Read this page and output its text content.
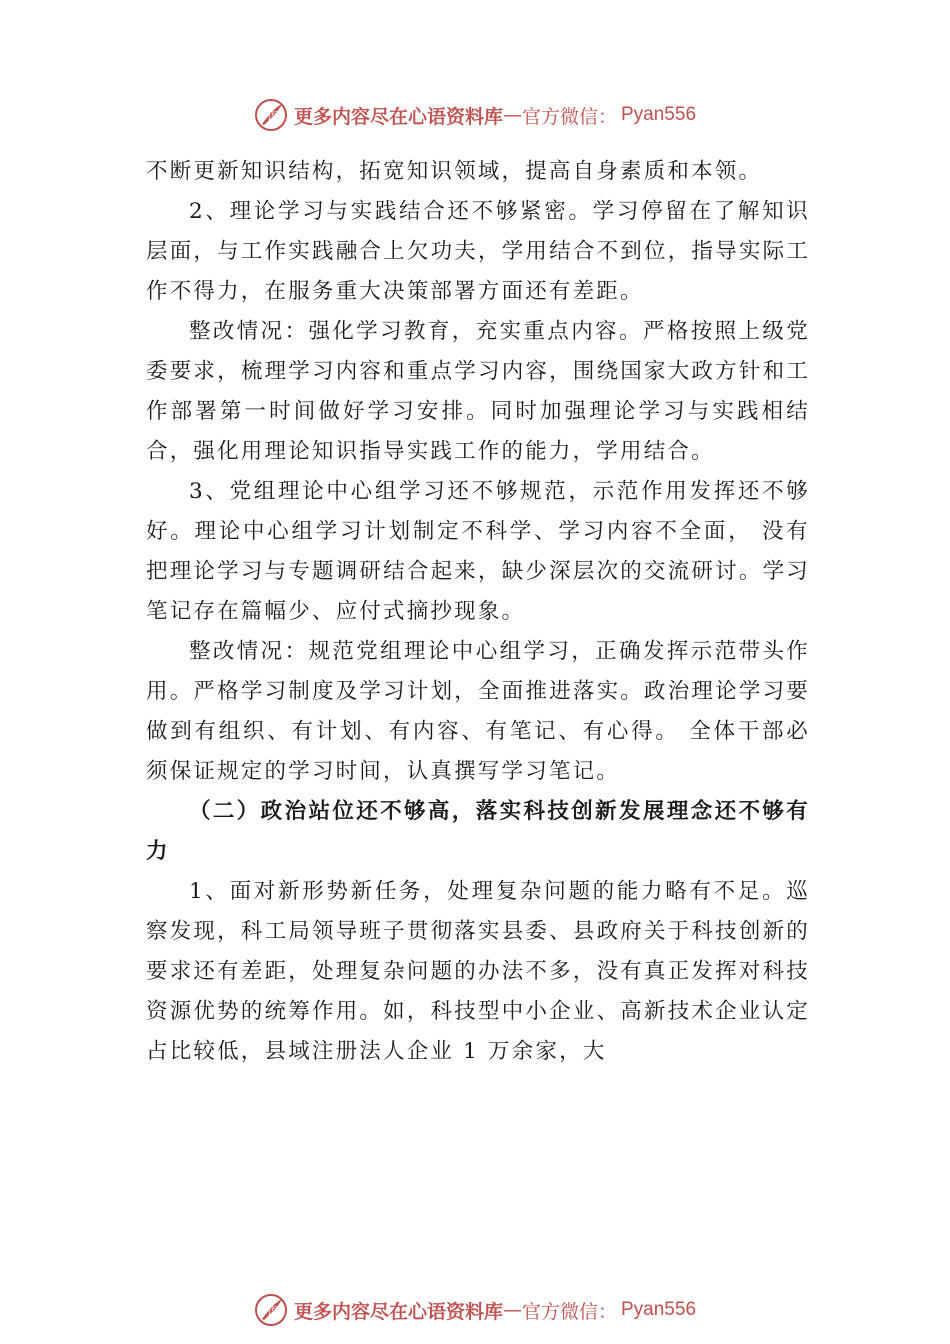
语 更多内容尽在心语资料库 — 官方微信： Pyan556

不断更新知识结构，拓宽知识领域，提高自身素质和本领。

2、理论学习与实践结合还不够紧密。学习停留在了解知识层面，与工作实践融合上欠功夫，学用结合不到位，指导实际工作不得力，在服务重大决策部署方面还有差距。

整改情况：强化学习教育，充实重点内容。严格按照上级党委要求，梳理学习内容和重点学习内容，围绕国家大政方针和工作部署第一时间做好学习安排。同时加强理论学习与实践相结合，强化用理论知识指导实践工作的能力，学用结合。

3、党组理论中心组学习还不够规范，示范作用发挥还不够好。理论中心组学习计划制定不科学、学习内容不全面， 没有把理论学习与专题调研结合起来，缺少深层次的交流研讨。学习笔记存在篇幅少、应付式摘抄现象。

整改情况：规范党组理论中心组学习，正确发挥示范带头作用。严格学习制度及学习计划，全面推进落实。政治理论学习要做到有组织、有计划、有内容、有笔记、有心得。 全体干部必须保证规定的学习时间，认真撰写学习笔记。

（二）政治站位还不够高，落实科技创新发展理念还不够有力

1、面对新形势新任务，处理复杂问题的能力略有不足。巡察发现，科工局领导班子贯彻落实县委、县政府关于科技创新的要求还有差距，处理复杂问题的办法不多，没有真正发挥对科技资源优势的统筹作用。如，科技型中小企业、高新技术企业认定占比较低，县域注册法人企业 1 万余家，大

语 更多内容尽在心语资料库 — 官方微信： Pyan556
